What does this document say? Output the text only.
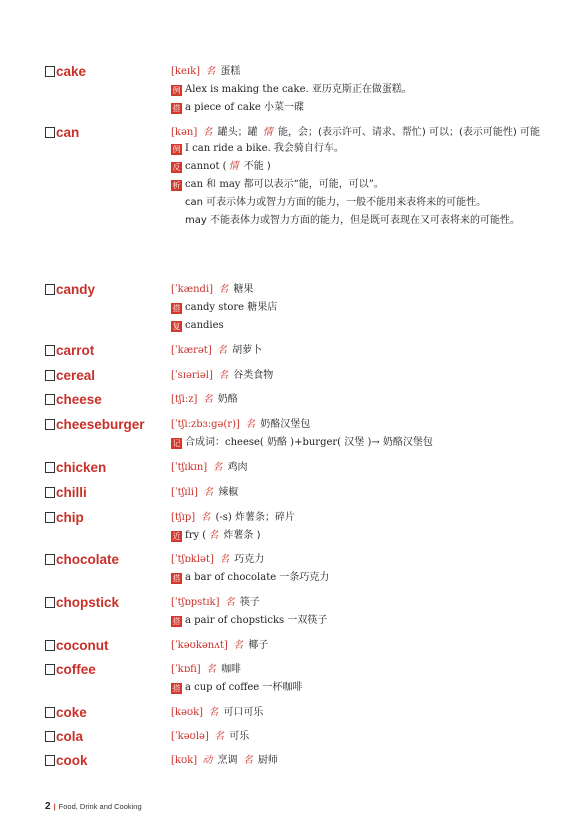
cake	[keɪk] 名 蛋糕
例 Alex is making the cake. 亚历克斯正在做蛋糕。
搭 a piece of cake 小菜一碟
can	[kən] 名 罐头；罐 情 能，会；(表示许可、请求、帮忙) 可以；(表示可能性) 可能
例 I can ride a bike. 我会骑自行车。
反 cannot ( 情 不能 )
析 can 和 may 都可以表示“能，可能，可以”。
can 可表示体力或智力方面的能力，一般不能用来表将来的可能性。
may 不能表体力或智力方面的能力，但是既可表现在又可表将来的可能性。
candy	[ˈkændi] 名 糖果
搭 candy store 糖果店
复 candies
carrot	[ˈkærət] 名 胡萝卜
cereal	[ˈsɪəriəl] 名 谷类食物
cheese	[tʃiːz] 名 奶酪
cheeseburger	[ˈtʃiːzbɜːgə(r)] 名 奶酪汉堡包
记 合成词：cheese( 奶酪 )+burger( 汉堡 )→ 奶酪汉堡包
chicken	[ˈtʃɪkɪn] 名 鸡肉
chilli	[ˈtʃɪli] 名 辣椒
chip	[tʃɪp] 名 (-s) 炸薯条；碎片
近 fry ( 名 炸薯条 )
chocolate	[ˈtʃɒklət] 名 巧克力
搭 a bar of chocolate 一条巧克力
chopstick	[ˈtʃɒpstɪk] 名 筷子
搭 a pair of chopsticks 一双筷子
coconut	[ˈkəʊkənʌt] 名 椰子
coffee	[ˈkɒfi] 名 咖啡
搭 a cup of coffee 一杯咖啡
coke	[kəʊk] 名 可口可乐
cola	[ˈkəʊlə] 名 可乐
cook	[kʊk] 动 烹调 名 厨师
2 | Food, Drink and Cooking
